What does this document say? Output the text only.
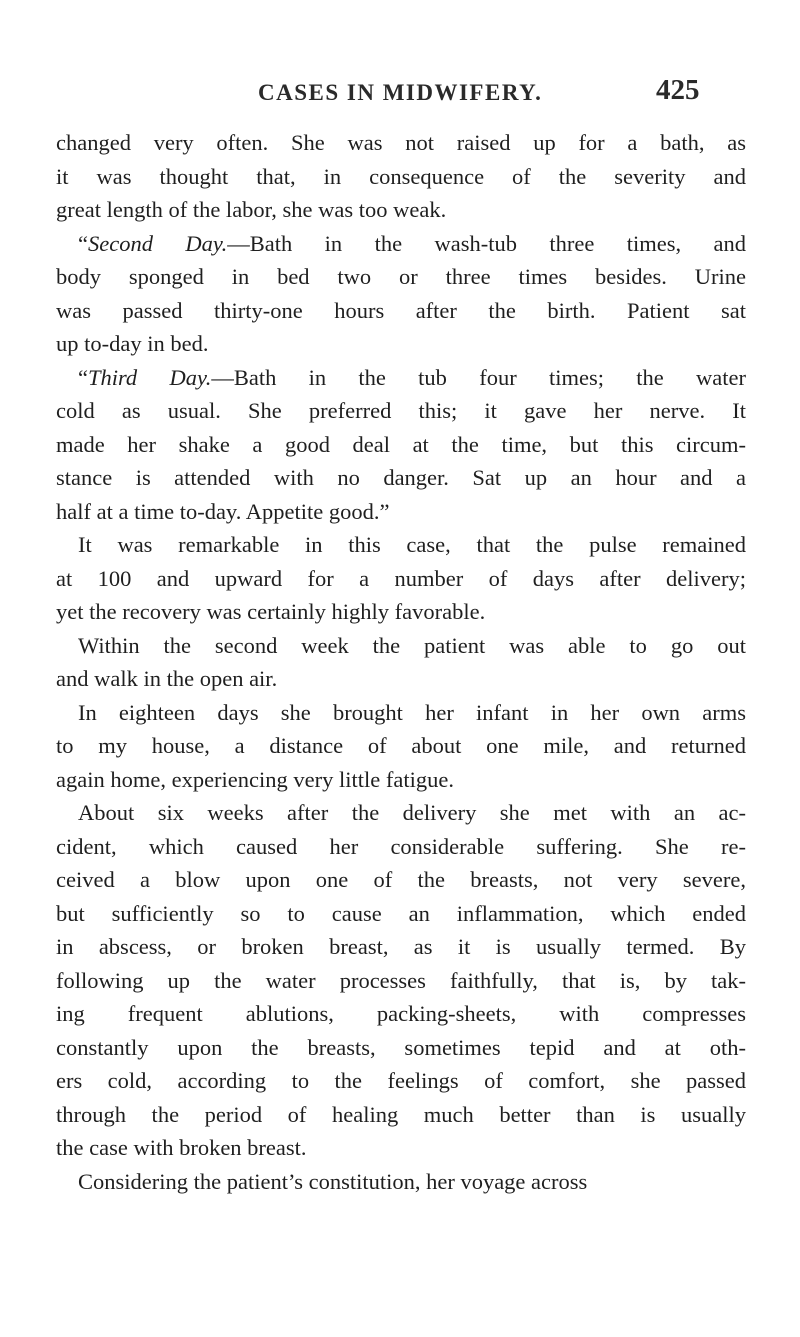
CASES IN MIDWIFERY.	425
changed very often. She was not raised up for a bath, as
it was thought that, in consequence of the severity and
great length of the labor, she was too weak.
“Second Day.—Bath in the wash-tub three times, and
body sponged in bed two or three times besides. Urine
was passed thirty-one hours after the birth. Patient sat
up to-day in bed.
“Third Day.—Bath in the tub four times; the water
cold as usual. She preferred this; it gave her nerve. It
made her shake a good deal at the time, but this circum-
stance is attended with no danger. Sat up an hour and a
half at a time to-day. Appetite good.”
It was remarkable in this case, that the pulse remained
at 100 and upward for a number of days after delivery;
yet the recovery was certainly highly favorable.
Within the second week the patient was able to go out
and walk in the open air.
In eighteen days she brought her infant in her own arms
to my house, a distance of about one mile, and returned
again home, experiencing very little fatigue.
About six weeks after the delivery she met with an ac-
cident, which caused her considerable suffering. She re-
ceived a blow upon one of the breasts, not very severe,
but sufficiently so to cause an inflammation, which ended
in abscess, or broken breast, as it is usually termed. By
following up the water processes faithfully, that is, by tak-
ing frequent ablutions, packing-sheets, with compresses
constantly upon the breasts, sometimes tepid and at oth-
ers cold, according to the feelings of comfort, she passed
through the period of healing much better than is usually
the case with broken breast.
Considering the patient’s constitution, her voyage across
